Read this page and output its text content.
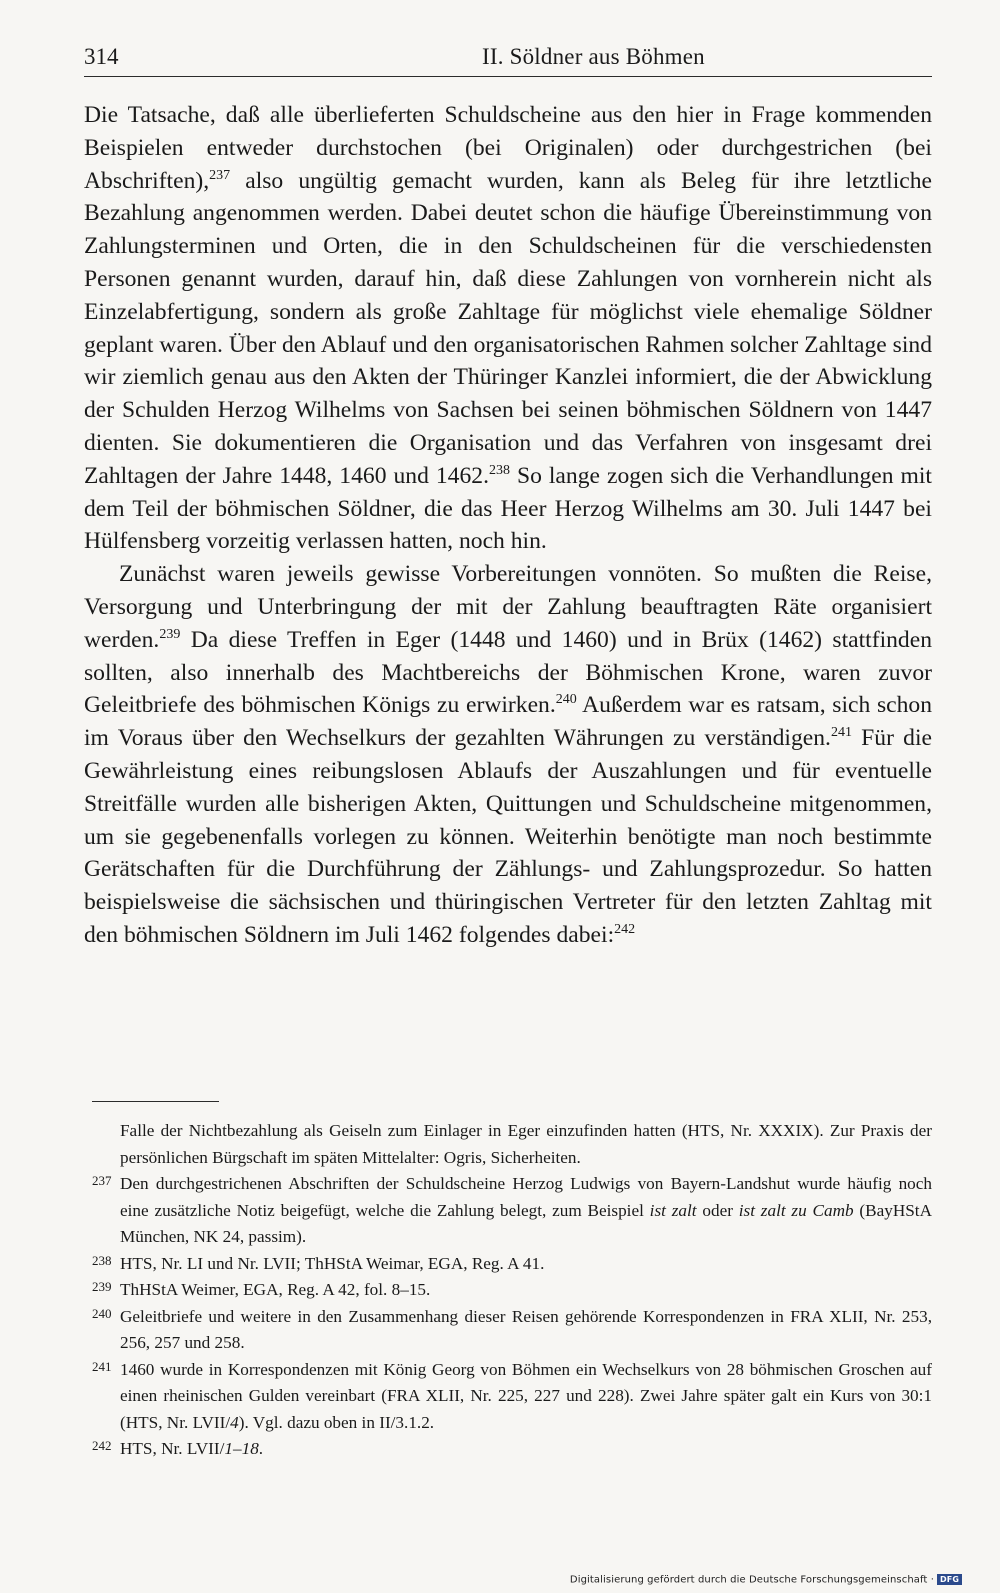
314	II. Söldner aus Böhmen

Die Tatsache, daß alle überlieferten Schuldscheine aus den hier in Frage kommenden Beispielen entweder durchstochen (bei Originalen) oder durchgestrichen (bei Abschriften),$^{237}$ also ungültig gemacht wurden, kann als Beleg für ihre letztliche Bezahlung angenommen werden. Dabei deutet schon die häufige Übereinstimmung von Zahlungsterminen und Orten, die in den Schuldscheinen für die verschiedensten Personen genannt wurden, darauf hin, daß diese Zahlungen von vornherein nicht als Einzelabfertigung, sondern als große Zahltage für möglichst viele ehemalige Söldner geplant waren. Über den Ablauf und den organisatorischen Rahmen solcher Zahltage sind wir ziemlich genau aus den Akten der Thüringer Kanzlei informiert, die der Abwicklung der Schulden Herzog Wilhelms von Sachsen bei seinen böhmischen Söldnern von 1447 dienten. Sie dokumentieren die Organisation und das Verfahren von insgesamt drei Zahltagen der Jahre 1448, 1460 und 1462.$^{238}$ So lange zogen sich die Verhandlungen mit dem Teil der böhmischen Söldner, die das Heer Herzog Wilhelms am 30. Juli 1447 bei Hülfensberg vorzeitig verlassen hatten, noch hin.

Zunächst waren jeweils gewisse Vorbereitungen vonnöten. So mußten die Reise, Versorgung und Unterbringung der mit der Zahlung beauftragten Räte organisiert werden.$^{239}$ Da diese Treffen in Eger (1448 und 1460) und in Brüx (1462) stattfinden sollten, also innerhalb des Machtbereichs der Böhmischen Krone, waren zuvor Geleitbriefe des böhmischen Königs zu erwirken.$^{240}$ Außerdem war es ratsam, sich schon im Voraus über den Wechselkurs der gezahlten Währungen zu verständigen.$^{241}$ Für die Gewährleistung eines reibungslosen Ablaufs der Auszahlungen und für eventuelle Streitfälle wurden alle bisherigen Akten, Quittungen und Schuldscheine mitgenommen, um sie gegebenenfalls vorlegen zu können. Weiterhin benötigte man noch bestimmte Gerätschaften für die Durchführung der Zählungs- und Zahlungsprozedur. So hatten beispielsweise die sächsischen und thüringischen Vertreter für den letzten Zahltag mit den böhmischen Söldnern im Juli 1462 folgendes dabei:$^{242}$

Falle der Nichtbezahlung als Geiseln zum Einlager in Eger einzufinden hatten (HTS, Nr. XXXIX). Zur Praxis der persönlichen Bürgschaft im späten Mittelalter: Ogris, Sicherheiten.
237 Den durchgestrichenen Abschriften der Schuldscheine Herzog Ludwigs von Bayern-Landshut wurde häufig noch eine zusätzliche Notiz beigefügt, welche die Zahlung belegt, zum Beispiel ist zalt oder ist zalt zu Camb (BayHStA München, NK 24, passim).
238 HTS, Nr. LI und Nr. LVII; ThHStA Weimar, EGA, Reg. A 41.
239 ThHStA Weimer, EGA, Reg. A 42, fol. 8–15.
240 Geleitbriefe und weitere in den Zusammenhang dieser Reisen gehörende Korrespondenzen in FRA XLII, Nr. 253, 256, 257 und 258.
241 1460 wurde in Korrespondenzen mit König Georg von Böhmen ein Wechselkurs von 28 böhmischen Groschen auf einen rheinischen Gulden vereinbart (FRA XLII, Nr. 225, 227 und 228). Zwei Jahre später galt ein Kurs von 30:1 (HTS, Nr. LVII/4). Vgl. dazu oben in II/3.1.2.
242 HTS, Nr. LVII/1–18.
Digitalisierung gefördert durch die Deutsche Forschungsgemeinschaft · DFG
